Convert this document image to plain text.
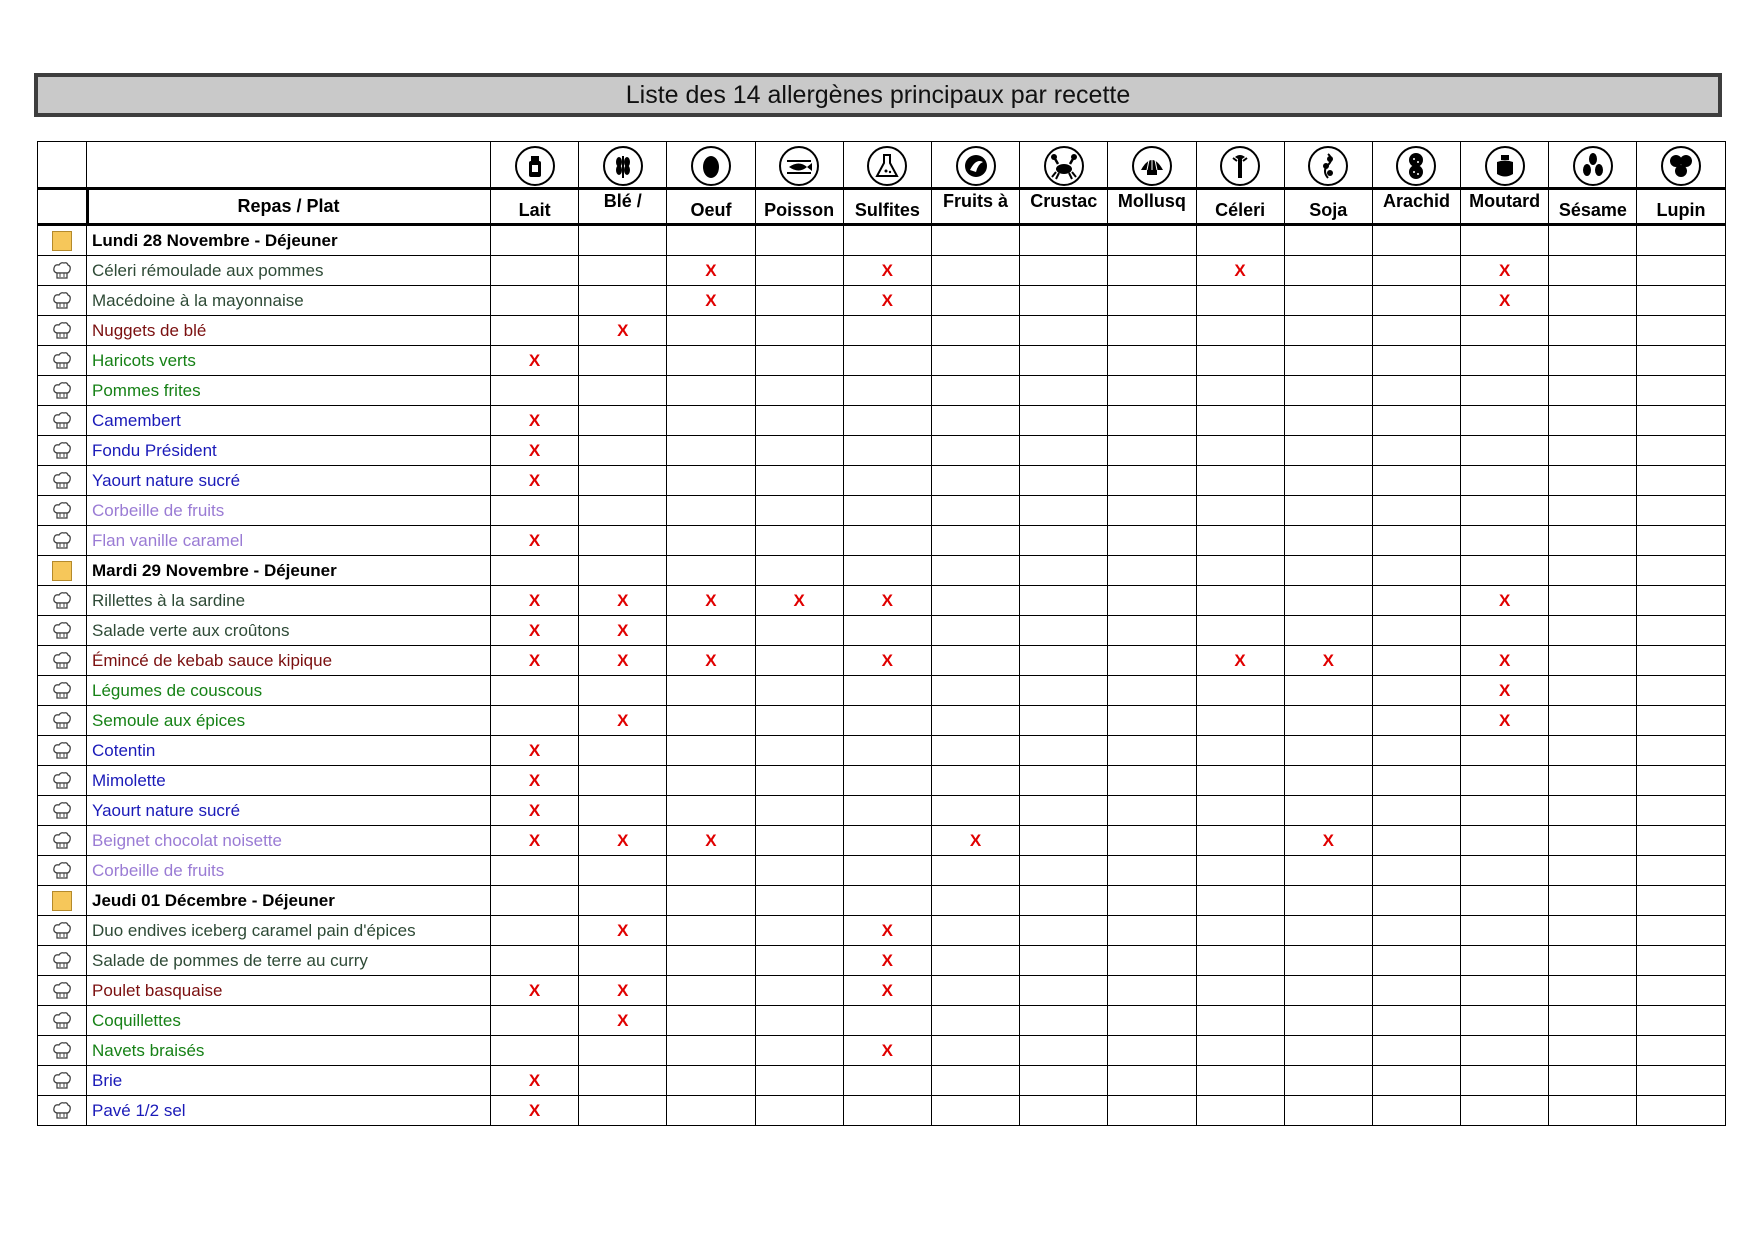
Liste des 14 allergènes principaux par recette

	Repas / Plat	Lait	Blé /	Oeuf	Poisson	Sulfites	Fruits à	Crustac	Mollusq	Céleri	Soja	Arachid	Moutard	Sésame	Lupin
	Lundi 28 Novembre - Déjeuner														
	Céleri rémoulade aux pommes			X		X				X			X		
	Macédoine à la mayonnaise			X		X							X		
	Nuggets de blé		X												
	Haricots verts	X													
	Pommes frites														
	Camembert	X													
	Fondu Président	X													
	Yaourt nature sucré	X													
	Corbeille de fruits														
	Flan vanille caramel	X													
	Mardi 29 Novembre - Déjeuner														
	Rillettes à la sardine	X	X	X	X	X							X		
	Salade verte aux croûtons	X	X												
	Émincé de kebab sauce kipique	X	X	X		X				X	X		X		
	Légumes de couscous												X		
	Semoule aux épices		X										X		
	Cotentin	X													
	Mimolette	X													
	Yaourt nature sucré	X													
	Beignet chocolat noisette	X	X	X			X				X				
	Corbeille de fruits														
	Jeudi 01 Décembre - Déjeuner														
	Duo endives iceberg caramel pain d'épices		X			X									
	Salade de pommes de terre au curry					X									
	Poulet basquaise	X	X			X									
	Coquillettes		X												
	Navets braisés					X									
	Brie	X													
	Pavé 1/2 sel	X													
